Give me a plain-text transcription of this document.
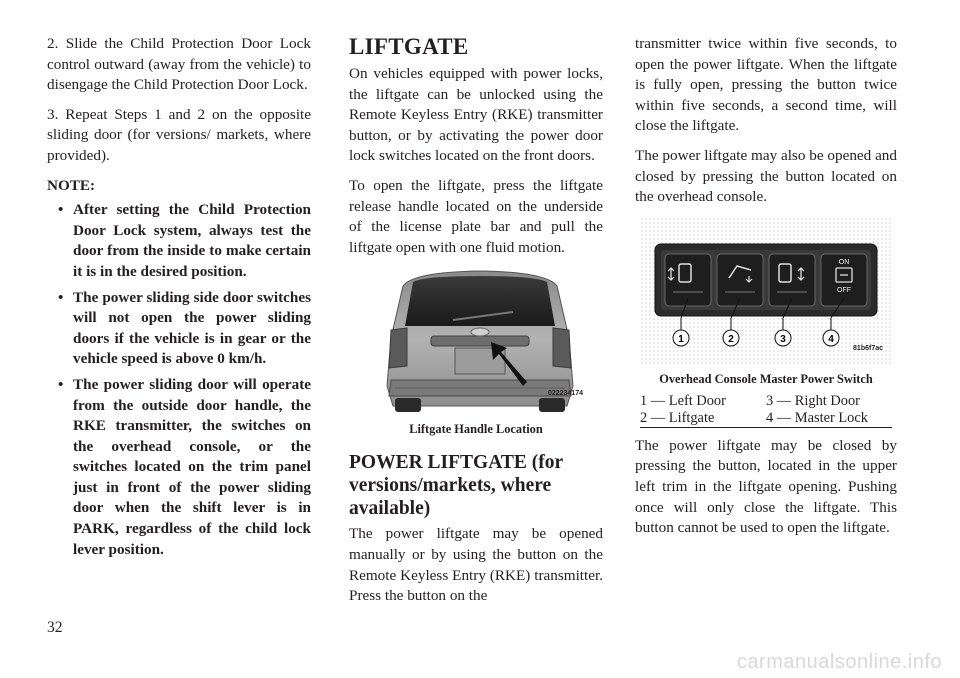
2. Slide the Child Protection Door Lock control outward (away from the vehicle) to disengage the Child Protection Door Lock.

3. Repeat Steps 1 and 2 on the opposite sliding door (for versions/ markets, where provided).

NOTE:
• After setting the Child Protection Door Lock system, always test the door from the inside to make certain it is in the desired position.
• The power sliding side door switches will not open the power sliding doors if the vehicle is in gear or the vehicle speed is above 0 km/h.
• The power sliding door will operate from the outside door handle, the RKE transmitter, the switches on the overhead console, or the switches located on the trim panel just in front of the power sliding door when the shift lever is in PARK, regardless of the child lock lever position.
LIFTGATE

On vehicles equipped with power locks, the liftgate can be unlocked using the Remote Keyless Entry (RKE) transmitter button, or by activating the power door lock switches located on the front doors.

To open the liftgate, press the liftgate release handle located on the underside of the license plate bar and pull the liftgate open with one fluid motion.

022234174
Liftgate Handle Location
POWER LIFTGATE (for versions/markets, where available)

The power liftgate may be opened manually or by using the button on the Remote Keyless Entry (RKE) transmitter. Press the button on the

transmitter twice within five seconds, to open the power liftgate. When the liftgate is fully open, pressing the button twice within five seconds, a second time, will close the liftgate.

The power liftgate may also be opened and closed by pressing the button located on the overhead console.

ON
OFF
1	2	3	4
81b6f7ac
Overhead Console Master Power Switch
1 — Left Door	3 — Right Door
2 — Liftgate	4 — Master Lock

The power liftgate may be closed by pressing the button, located in the upper left trim in the liftgate opening. Pushing once will only close the liftgate. This button cannot be used to open the liftgate.

32
carmanualsonline.info
